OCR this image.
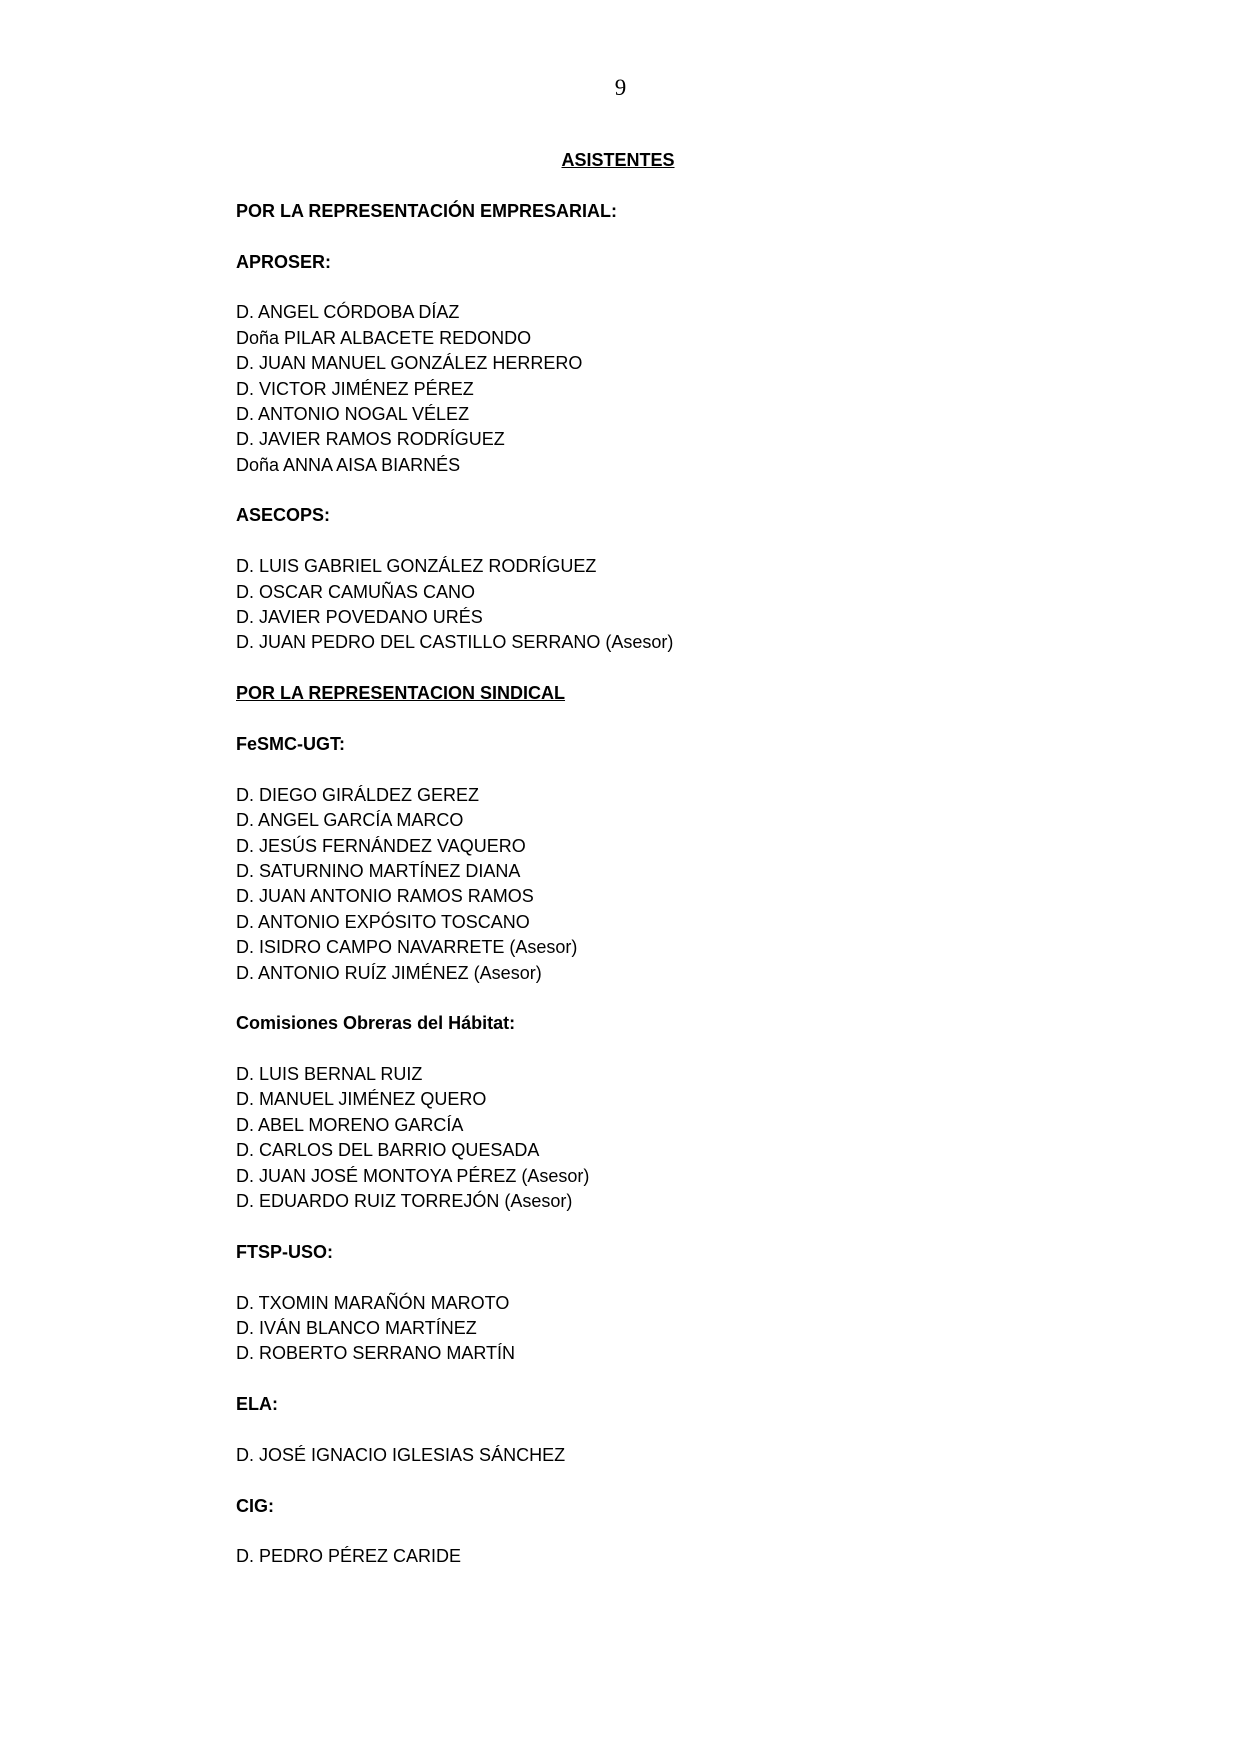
9
ASISTENTES
POR LA REPRESENTACIÓN EMPRESARIAL:
APROSER:
D. ANGEL CÓRDOBA DÍAZ
Doña PILAR ALBACETE REDONDO
D. JUAN MANUEL GONZÁLEZ HERRERO
D. VICTOR JIMÉNEZ PÉREZ
D. ANTONIO NOGAL VÉLEZ
D. JAVIER RAMOS RODRÍGUEZ
Doña ANNA AISA BIARNÉS
ASECOPS:
D. LUIS GABRIEL GONZÁLEZ RODRÍGUEZ
D. OSCAR CAMUÑAS CANO
D. JAVIER POVEDANO URÉS
D. JUAN PEDRO DEL CASTILLO SERRANO (Asesor)
POR LA REPRESENTACION SINDICAL
FeSMC-UGT:
D. DIEGO GIRÁLDEZ GEREZ
D. ANGEL GARCÍA MARCO
D. JESÚS FERNÁNDEZ VAQUERO
D. SATURNINO MARTÍNEZ DIANA
D. JUAN ANTONIO RAMOS RAMOS
D. ANTONIO EXPÓSITO TOSCANO
D. ISIDRO CAMPO NAVARRETE (Asesor)
D. ANTONIO RUÍZ JIMÉNEZ (Asesor)
Comisiones Obreras del Hábitat:
D. LUIS BERNAL RUIZ
D. MANUEL JIMÉNEZ QUERO
D. ABEL MORENO GARCÍA
D. CARLOS DEL BARRIO QUESADA
D. JUAN JOSÉ MONTOYA PÉREZ (Asesor)
D. EDUARDO RUIZ TORREJÓN (Asesor)
FTSP-USO:
D. TXOMIN MARAÑÓN MAROTO
D. IVÁN BLANCO MARTÍNEZ
D. ROBERTO SERRANO MARTÍN
ELA:
D. JOSÉ IGNACIO IGLESIAS SÁNCHEZ
CIG:
D. PEDRO PÉREZ CARIDE
